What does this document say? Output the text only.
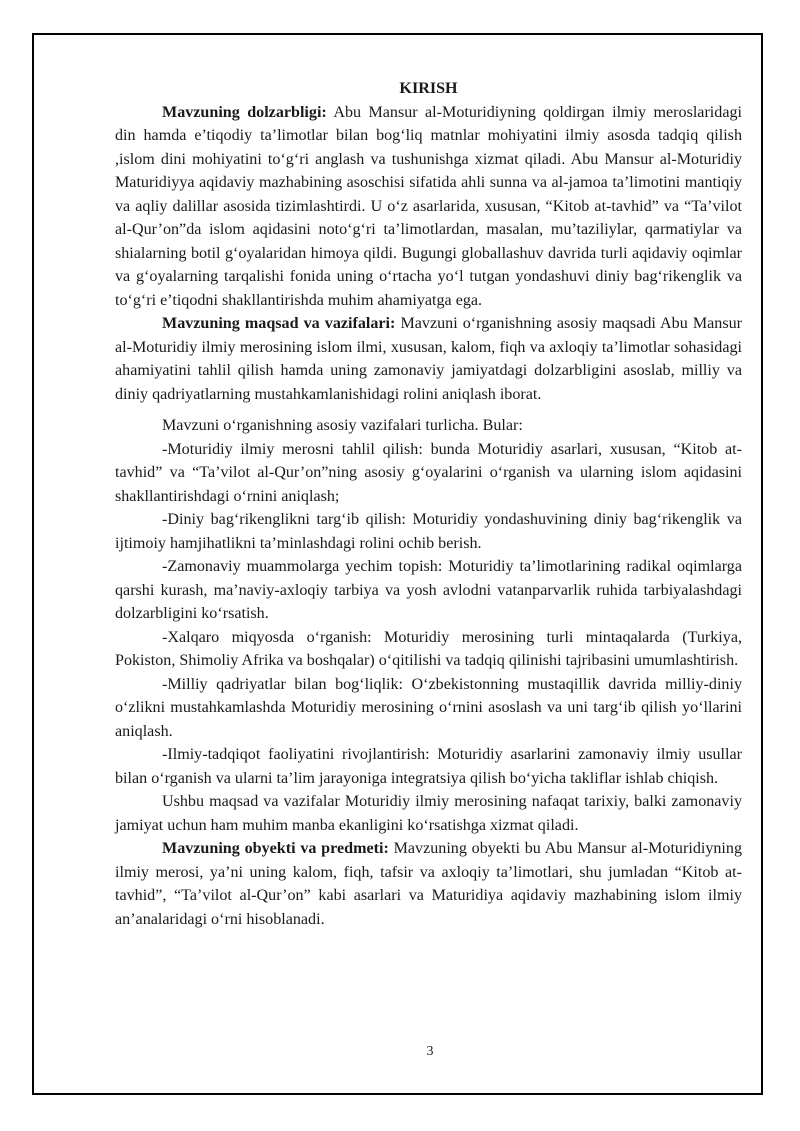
KIRISH

Mavzuning dolzarbligi: Abu Mansur al-Moturidiyning qoldirgan ilmiy meroslaridagi din hamda e’tiqodiy ta’limotlar bilan bog‘liq matnlar mohiyatini ilmiy asosda tadqiq qilish ,islom dini mohiyatini to‘g‘ri anglash va tushunishga xizmat qiladi. Abu Mansur al-Moturidiy Maturidiyya aqidaviy mazhabining asoschisi sifatida ahli sunna va al-jamoa ta’limotini mantiqiy va aqliy dalillar asosida tizimlashtirdi. U o‘z asarlarida, xususan, “Kitob at-tavhid” va “Ta’vilot al-Qur’on”da islom aqidasini noto‘g‘ri ta’limotlardan, masalan, mu’taziliylar, qarmatiylar va shialarning botil g‘oyalaridan himoya qildi. Bugungi globallashuv davrida turli aqidaviy oqimlar va g‘oyalarning tarqalishi fonida uning o‘rtacha yo‘l tutgan yondashuvi diniy bag‘rikenglik va to‘g‘ri e’tiqodni shakllantirishda muhim ahamiyatga ega.

Mavzuning maqsad va vazifalari: Mavzuni o‘rganishning asosiy maqsadi Abu Mansur al-Moturidiy ilmiy merosining islom ilmi, xususan, kalom, fiqh va axloqiy ta’limotlar sohasidagi ahamiyatini tahlil qilish hamda uning zamonaviy jamiyatdagi dolzarbligini asoslab, milliy va diniy qadriyatlarning mustahkamlanishidagi rolini aniqlash iborat.

Mavzuni o‘rganishning asosiy vazifalari turlicha. Bular:

-Moturidiy ilmiy merosni tahlil qilish: bunda Moturidiy asarlari, xususan, “Kitob at-tavhid” va “Ta’vilot al-Qur’on”ning asosiy g‘oyalarini o‘rganish va ularning islom aqidasini shakllantirishdagi o‘rnini aniqlash;

-Diniy bag‘rikenglikni targ‘ib qilish: Moturidiy yondashuvining diniy bag‘rikenglik va ijtimoiy hamjihatlikni ta’minlashdagi rolini ochib berish.

-Zamonaviy muammolarga yechim topish: Moturidiy ta’limotlarining radikal oqimlarga qarshi kurash, ma’naviy-axloqiy tarbiya va yosh avlodni vatanparvarlik ruhida tarbiyalashdagi dolzarbligini ko‘rsatish.

-Xalqaro miqyosda o‘rganish: Moturidiy merosining turli mintaqalarda (Turkiya, Pokiston, Shimoliy Afrika va boshqalar) o‘qitilishi va tadqiq qilinishi tajribasini umumlashtirish.

-Milliy qadriyatlar bilan bog‘liqlik: O‘zbekistonning mustaqillik davrida milliy-diniy o‘zlikni mustahkamlashda Moturidiy merosining o‘rnini asoslash va uni targ‘ib qilish yo‘llarini aniqlash.

-Ilmiy-tadqiqot faoliyatini rivojlantirish: Moturidiy asarlarini zamonaviy ilmiy usullar bilan o‘rganish va ularni ta’lim jarayoniga integratsiya qilish bo‘yicha takliflar ishlab chiqish.

Ushbu maqsad va vazifalar Moturidiy ilmiy merosining nafaqat tarixiy, balki zamonaviy jamiyat uchun ham muhim manba ekanligini ko‘rsatishga xizmat qiladi.

Mavzuning obyekti va predmeti: Mavzuning obyekti bu Abu Mansur al-Moturidiyning ilmiy merosi, ya’ni uning kalom, fiqh, tafsir va axloqiy ta’limotlari, shu jumladan “Kitob at-tavhid”, “Ta’vilot al-Qur’on” kabi asarlari va Maturidiya aqidaviy mazhabining islom ilmiy an’analaridagi o‘rni hisoblanadi.

3
